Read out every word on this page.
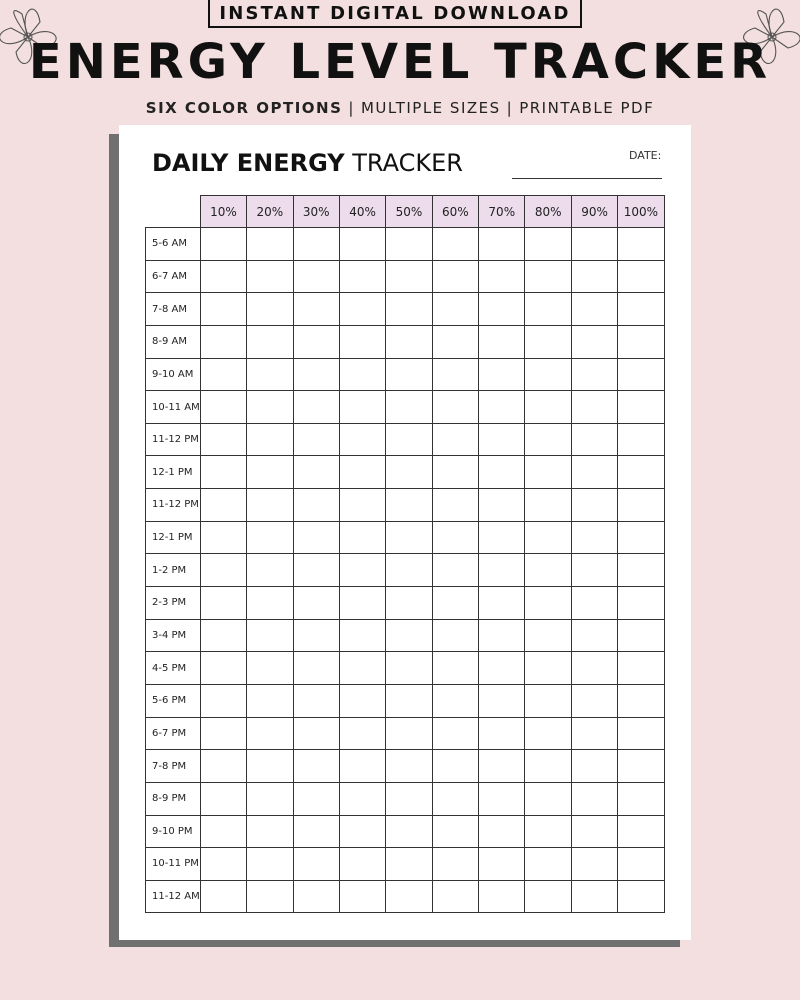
INSTANT DIGITAL DOWNLOAD
ENERGY LEVEL TRACKER
SIX COLOR OPTIONS | MULTIPLE SIZES | PRINTABLE PDF
DAILY ENERGY TRACKER	DATE:
	10%	20%	30%	40%	50%	60%	70%	80%	90%	100%
5-6 AM										
6-7 AM										
7-8 AM										
8-9 AM										
9-10 AM										
10-11 AM										
11-12 PM										
12-1 PM										
11-12 PM										
12-1 PM										
1-2 PM										
2-3 PM										
3-4 PM										
4-5 PM										
5-6 PM										
6-7 PM										
7-8 PM										
8-9 PM										
9-10 PM										
10-11 PM										
11-12 AM										
